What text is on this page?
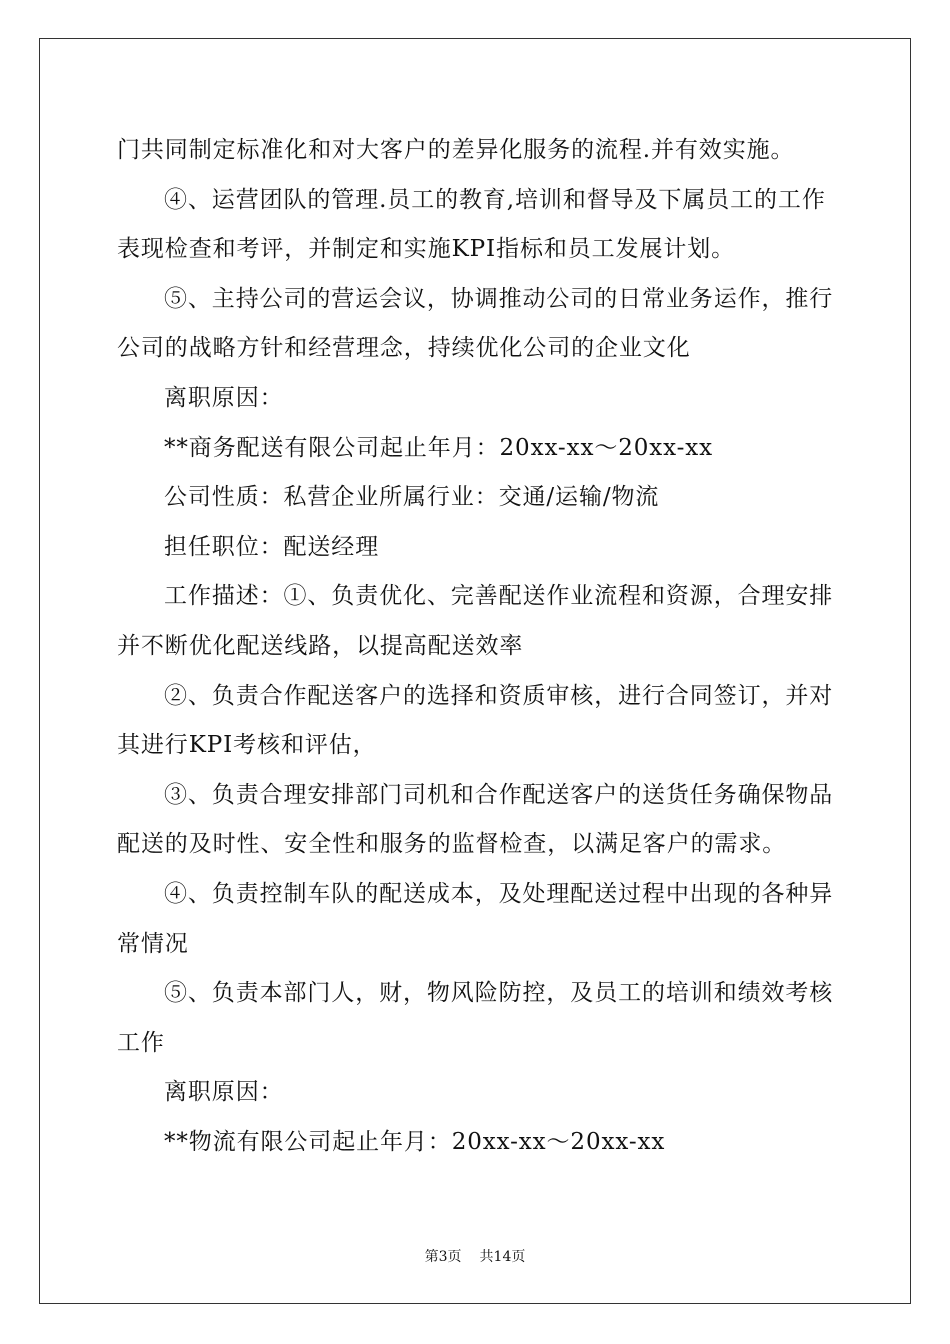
门共同制定标准化和对大客户的差异化服务的流程.并有效实施。
④、运营团队的管理.员工的教育,培训和督导及下属员工的工作
表现检查和考评，并制定和实施KPI指标和员工发展计划。
⑤、主持公司的营运会议，协调推动公司的日常业务运作，推行
公司的战略方针和经营理念，持续优化公司的企业文化
离职原因：
**商务配送有限公司起止年月：20xx-xx～20xx-xx
公司性质：私营企业所属行业：交通/运输/物流
担任职位：配送经理
工作描述：①、负责优化、完善配送作业流程和资源，合理安排
并不断优化配送线路，以提高配送效率
②、负责合作配送客户的选择和资质审核，进行合同签订，并对
其进行KPI考核和评估，
③、负责合理安排部门司机和合作配送客户的送货任务确保物品
配送的及时性、安全性和服务的监督检查，以满足客户的需求。
④、负责控制车队的配送成本，及处理配送过程中出现的各种异
常情况
⑤、负责本部门人，财，物风险防控，及员工的培训和绩效考核
工作
离职原因：
**物流有限公司起止年月：20xx-xx～20xx-xx
第3页 共14页
